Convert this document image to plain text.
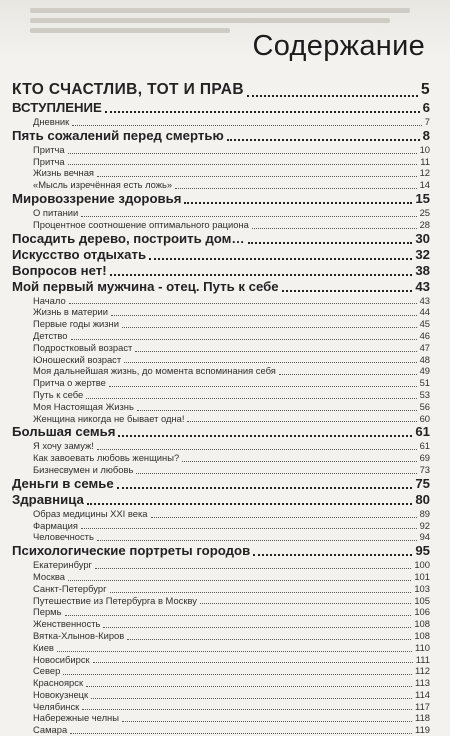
Содержание
КТО СЧАСТЛИВ, ТОТ И ПРАВ	5
ВСТУПЛЕНИЕ	6
Дневник	7
Пять сожалений перед смертью	8
Притча	10
Притча	11
Жизнь вечная	12
«Мысль изречённая есть ложь»	14
Мировоззрение здоровья	15
О питании	25
Процентное соотношение оптимального рациона	28
Посадить дерево, построить дом…	30
Искусство отдыхать	32
Вопросов нет!	38
Мой первый мужчина - отец. Путь к себе	43
Начало	43
Жизнь в материи	44
Первые годы жизни	45
Детство	46
Подростковый возраст	47
Юношеский возраст	48
Моя дальнейшая жизнь, до момента вспоминания себя	49
Притча о жертве	51
Путь к себе	53
Моя Настоящая Жизнь	56
Женщина никогда не бывает одна!	60
Большая семья	61
Я хочу замуж!	61
Как завоевать любовь женщины?	69
Бизнесвумен и любовь	73
Деньги в семье	75
Здравница	80
Образ медицины XXI века	89
Фармация	92
Человечность	94
Психологические портреты городов	95
Екатеринбург	100
Москва	101
Санкт-Петербург	103
Путешествие из Петербурга в Москву	105
Пермь	106
Женственность	108
Вятка-Хлынов-Киров	108
Киев	110
Новосибирск	111
Север	112
Красноярск	113
Новокузнецк	114
Челябинск	117
Набережные челны	118
Самара	119
